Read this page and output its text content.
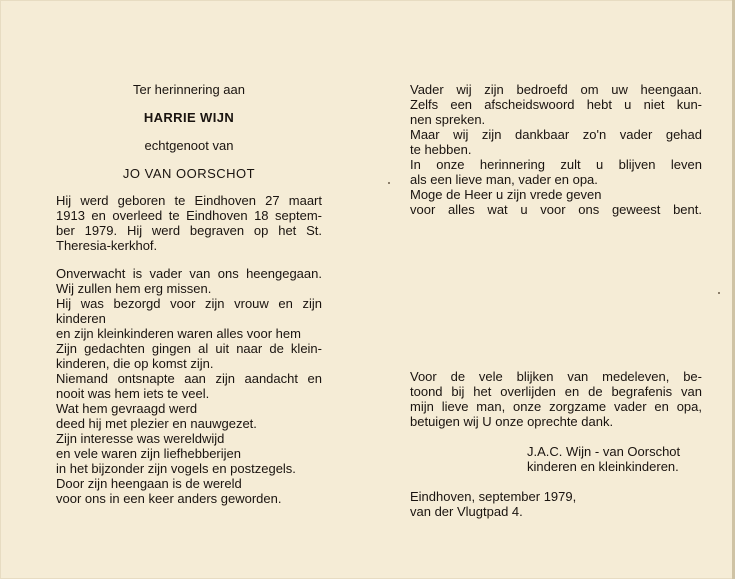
Ter herinnering aan

HARRIE WIJN

echtgenoot van

JO VAN OORSCHOT

Hij werd geboren te Eindhoven 27 maart
1913 en overleed te Eindhoven 18 septem-
ber 1979. Hij werd begraven op het St.
Theresia-kerkhof.
Onverwacht is vader van ons heengegaan.
Wij zullen hem erg missen.
Hij was bezorgd voor zijn vrouw en zijn
kinderen
en zijn kleinkinderen waren alles voor hem
Zijn gedachten gingen al uit naar de klein-
kinderen, die op komst zijn.
Niemand ontsnapte aan zijn aandacht en
nooit was hem iets te veel.
Wat hem gevraagd werd
deed hij met plezier en nauwgezet.
Zijn interesse was wereldwijd
en vele waren zijn liefhebberijen
in het bijzonder zijn vogels en postzegels.
Door zijn heengaan is de wereld
voor ons in een keer anders geworden.
Vader wij zijn bedroefd om uw heengaan.
Zelfs een afscheidswoord hebt u niet kun-
nen spreken.
Maar wij zijn dankbaar zo'n vader gehad
te hebben.
In onze herinnering zult u blijven leven
als een lieve man, vader en opa.
Moge de Heer u zijn vrede geven
voor alles wat u voor ons geweest bent.
Voor de vele blijken van medeleven, be-
toond bij het overlijden en de begrafenis van
mijn lieve man, onze zorgzame vader en opa,
betuigen wij U onze oprechte dank.
J.A.C. Wijn - van Oorschot
kinderen en kleinkinderen.
Eindhoven, september 1979,
van der Vlugtpad 4.
